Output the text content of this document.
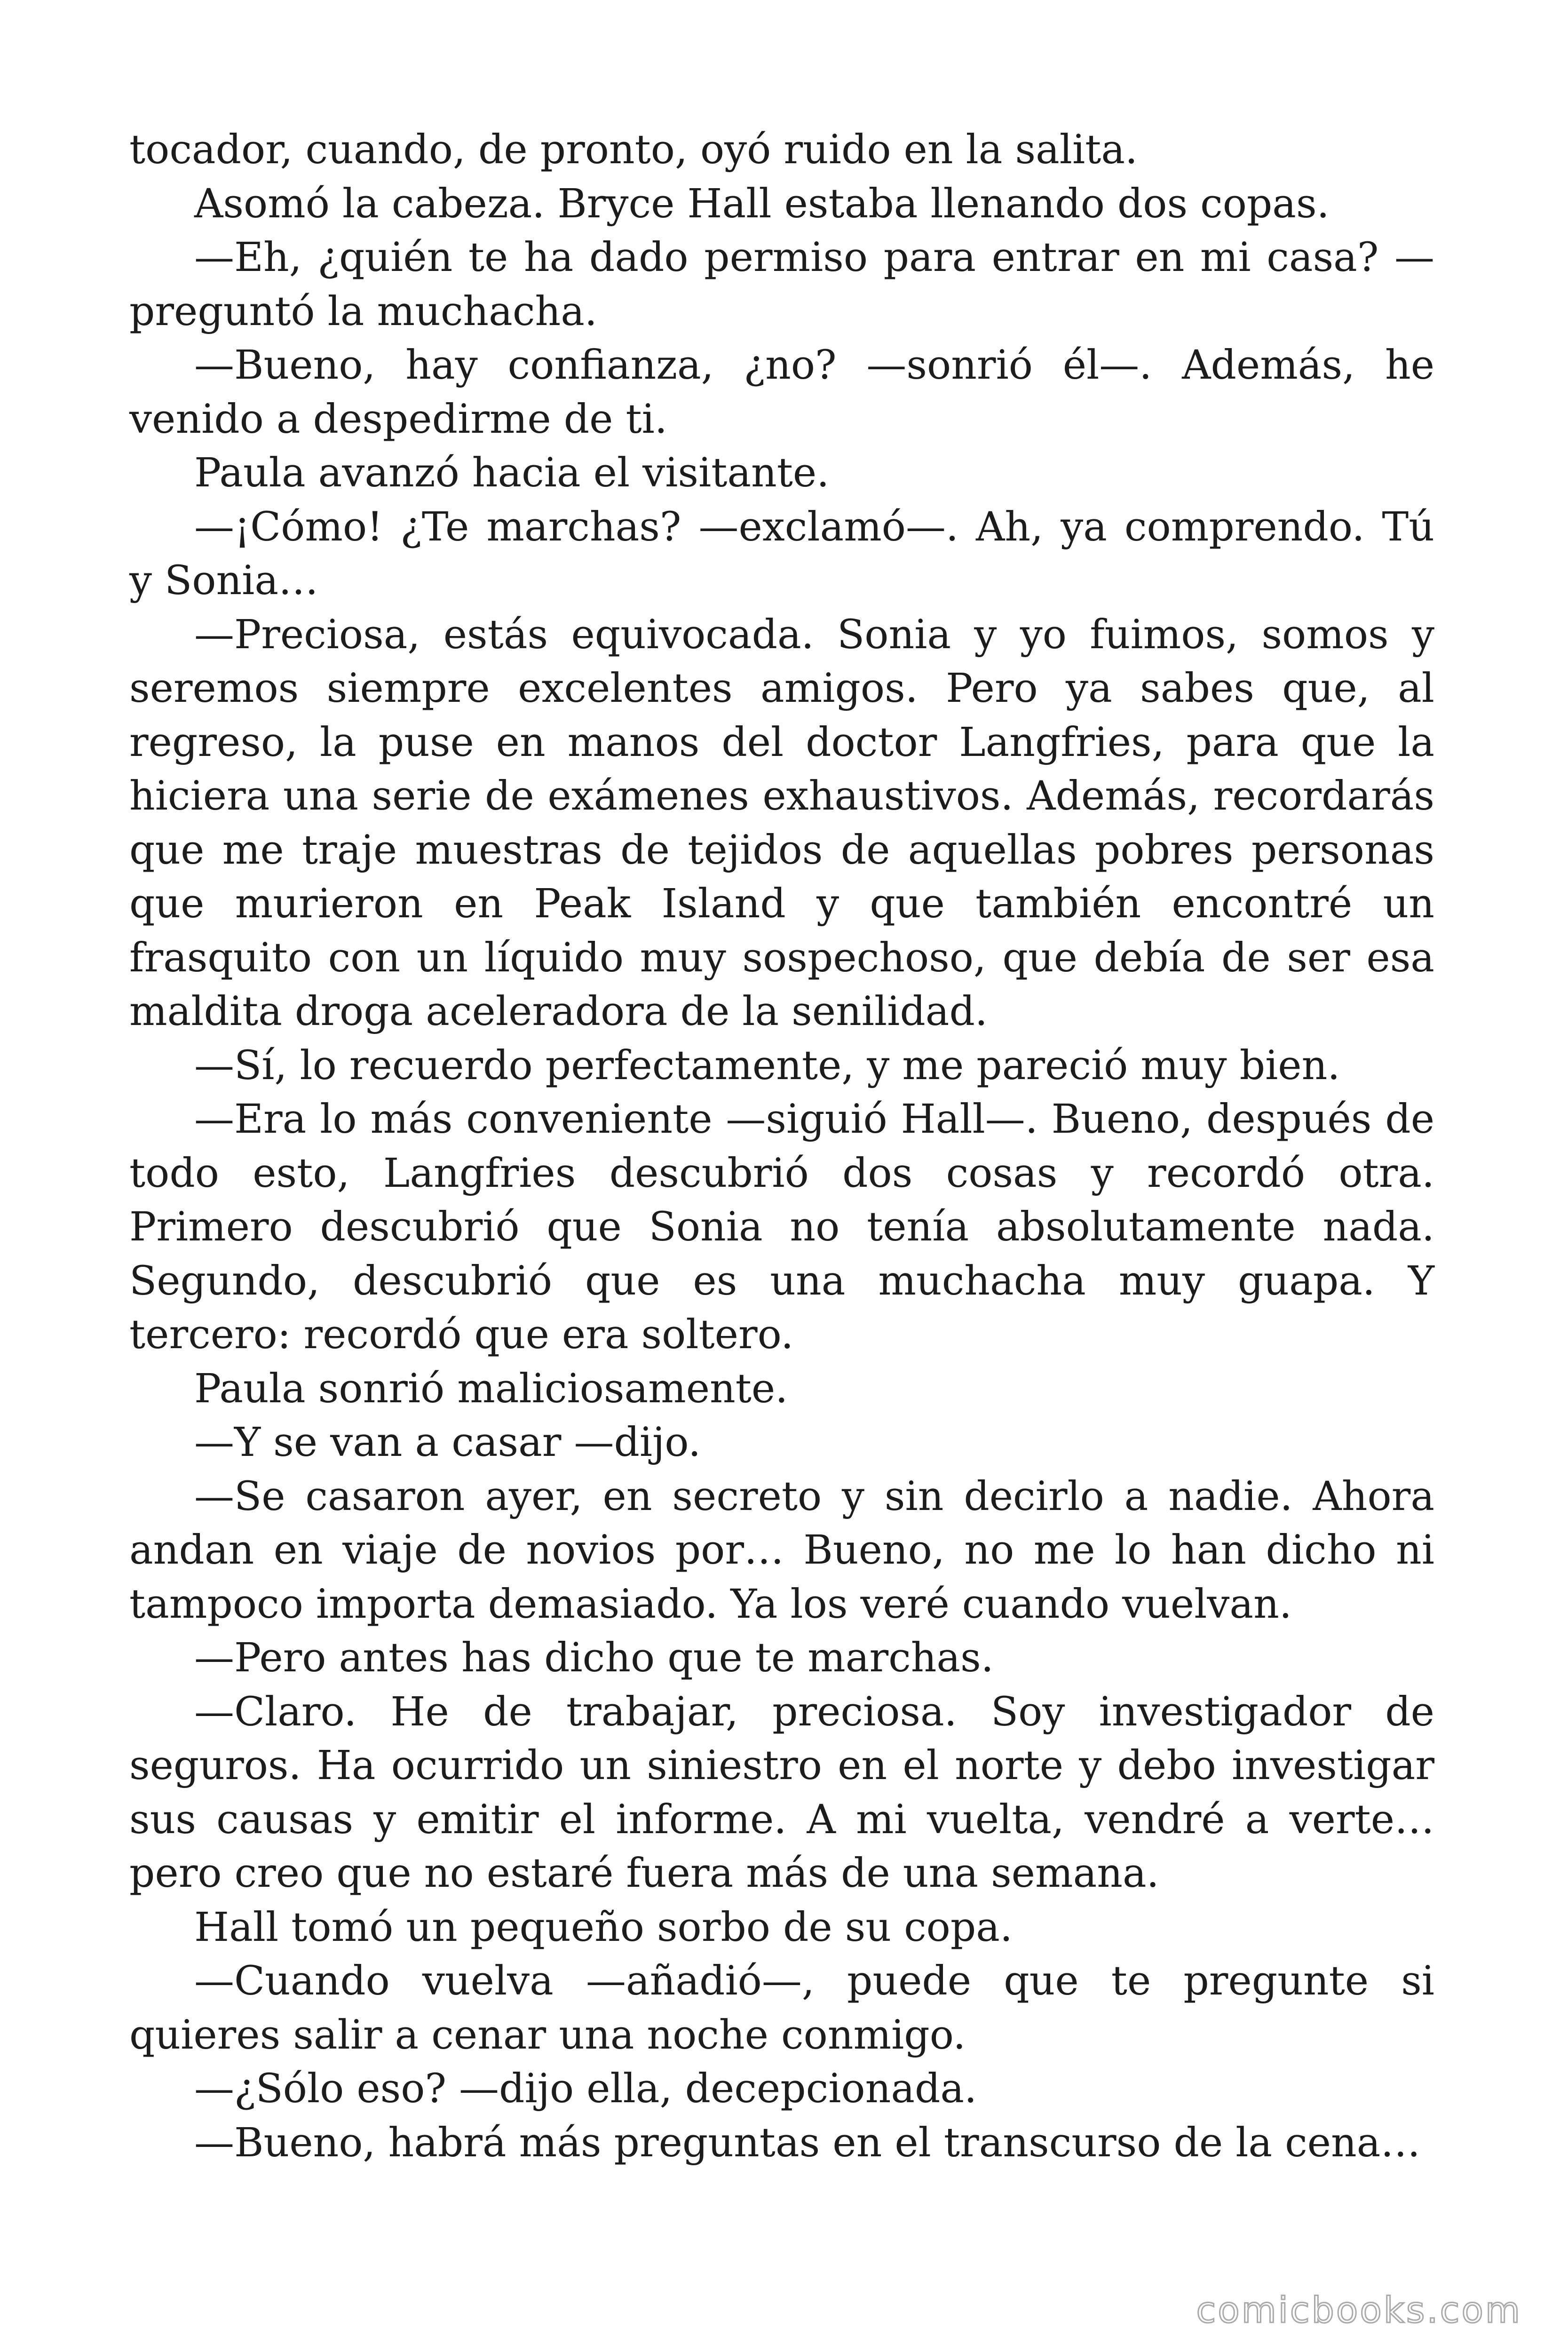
tocador, cuando, de pronto, oyó ruido en la salita.

Asomó la cabeza. Bryce Hall estaba llenando dos copas.

—Eh, ¿quién te ha dado permiso para entrar en mi casa? —preguntó la muchacha.

—Bueno, hay confianza, ¿no? —sonrió él—. Además, he venido a despedirme de ti.

Paula avanzó hacia el visitante.

—¡Cómo! ¿Te marchas? —exclamó—. Ah, ya comprendo. Tú y Sonia…

—Preciosa, estás equivocada. Sonia y yo fuimos, somos y seremos siempre excelentes amigos. Pero ya sabes que, al regreso, la puse en manos del doctor Langfries, para que la hiciera una serie de exámenes exhaustivos. Además, recordarás que me traje muestras de tejidos de aquellas pobres personas que murieron en Peak Island y que también encontré un frasquito con un líquido muy sospechoso, que debía de ser esa maldita droga aceleradora de la senilidad.

—Sí, lo recuerdo perfectamente, y me pareció muy bien.

—Era lo más conveniente —siguió Hall—. Bueno, después de todo esto, Langfries descubrió dos cosas y recordó otra. Primero descubrió que Sonia no tenía absolutamente nada. Segundo, descubrió que es una muchacha muy guapa. Y tercero: recordó que era soltero.

Paula sonrió maliciosamente.

—Y se van a casar —dijo.

—Se casaron ayer, en secreto y sin decirlo a nadie. Ahora andan en viaje de novios por… Bueno, no me lo han dicho ni tampoco importa demasiado. Ya los veré cuando vuelvan.

—Pero antes has dicho que te marchas.

—Claro. He de trabajar, preciosa. Soy investigador de seguros. Ha ocurrido un siniestro en el norte y debo investigar sus causas y emitir el informe. A mi vuelta, vendré a verte… pero creo que no estaré fuera más de una semana.

Hall tomó un pequeño sorbo de su copa.

—Cuando vuelva —añadió—, puede que te pregunte si quieres salir a cenar una noche conmigo.

—¿Sólo eso? —dijo ella, decepcionada.

—Bueno, habrá más preguntas en el transcurso de la cena…

comicbooks.com
